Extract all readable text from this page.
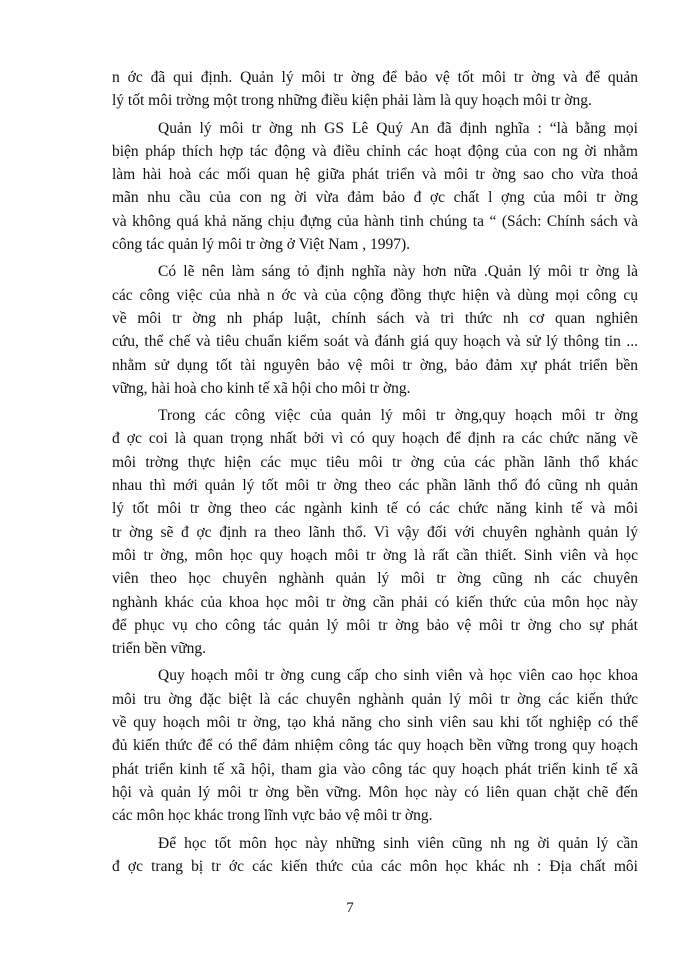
n ớc đã qui định. Quản lý môi tr ờng để bảo vệ tốt môi tr ờng và để quản
lý tốt môi trờng một trong những điều kiện phải làm là quy hoạch môi tr ờng.

Quản lý môi tr ờng nh GS Lê Quý An đã định nghĩa : “là bằng mọi
biện pháp thích hợp tác động và điều chỉnh các hoạt động của con ng ời nhằm
làm hài hoà các mối quan hệ giữa phát triển và môi tr ờng sao cho vừa thoả
mãn nhu cầu của con ng ời vừa đảm bảo đ ợc chất l ợng của môi tr ờng
và không quá khả năng chịu đựng của hành tinh chúng ta “ (Sách: Chính sách và
công tác quản lý môi tr ờng ở Việt Nam , 1997).

Có lẽ nên làm sáng tỏ định nghĩa này hơn nữa .Quản lý môi tr ờng là
các công việc của nhà n ớc và của cộng đồng thực hiện và dùng mọi công cụ
về môi tr ờng nh pháp luật, chính sách và tri thức nh cơ quan nghiên
cứu, thể chế và tiêu chuẩn kiểm soát và đánh giá quy hoạch và sử lý thông tin ...
nhằm sử dụng tốt tài nguyên bảo vệ môi tr ờng, bảo đảm xự phát triển bền
vững, hài hoà cho kinh tế xã hội cho môi tr ờng.

Trong các công việc của quản lý môi tr ờng,quy hoạch môi tr ờng
đ ợc coi là quan trọng nhất bởi vì có quy hoạch để định ra các chức năng về
môi trờng thực hiện các mục tiêu môi tr ờng của các phần lãnh thổ khác
nhau thì mới quản lý tốt môi tr ờng theo các phần lãnh thổ đó cũng nh quản
lý tốt môi tr ờng theo các ngành kinh tế có các chức năng kinh tế và môi
tr ờng sẽ đ ợc định ra theo lãnh thổ. Vì vậy đối với chuyên nghành quản lý
môi tr ờng, môn học quy hoạch môi tr ờng là rất cần thiết. Sinh viên và học
viên theo học chuyên nghành quản lý môi tr ờng cũng nh các chuyên
nghành khác của khoa học môi tr ờng cần phải có kiến thức của môn học này
để phục vụ cho công tác quản lý môi tr ờng bảo vệ môi tr ờng cho sự phát
triển bền vững.

Quy hoạch môi tr ờng cung cấp cho sinh viên và học viên cao học khoa
môi tru ờng đặc biệt là các chuyên nghành quản lý môi tr ờng các kiến thức
về quy hoạch môi tr ờng, tạo khả năng cho sinh viên sau khi tốt nghiệp có thể
đủ kiến thức để có thể đảm nhiệm công tác quy hoạch bền vững trong quy hoạch
phát triển kinh tế xã hội, tham gia vào công tác quy hoạch phát triển kinh tế xã
hội và quản lý môi tr ờng bền vững. Môn học này có liên quan chặt chẽ đến
các môn học khác trong lĩnh vực bảo vệ môi tr ờng.

Để học tốt môn học này những sinh viên cũng nh ng ời quản lý cần
đ ợc trang bị tr ớc các kiến thức của các môn học khác nh : Địa chất môi

7
